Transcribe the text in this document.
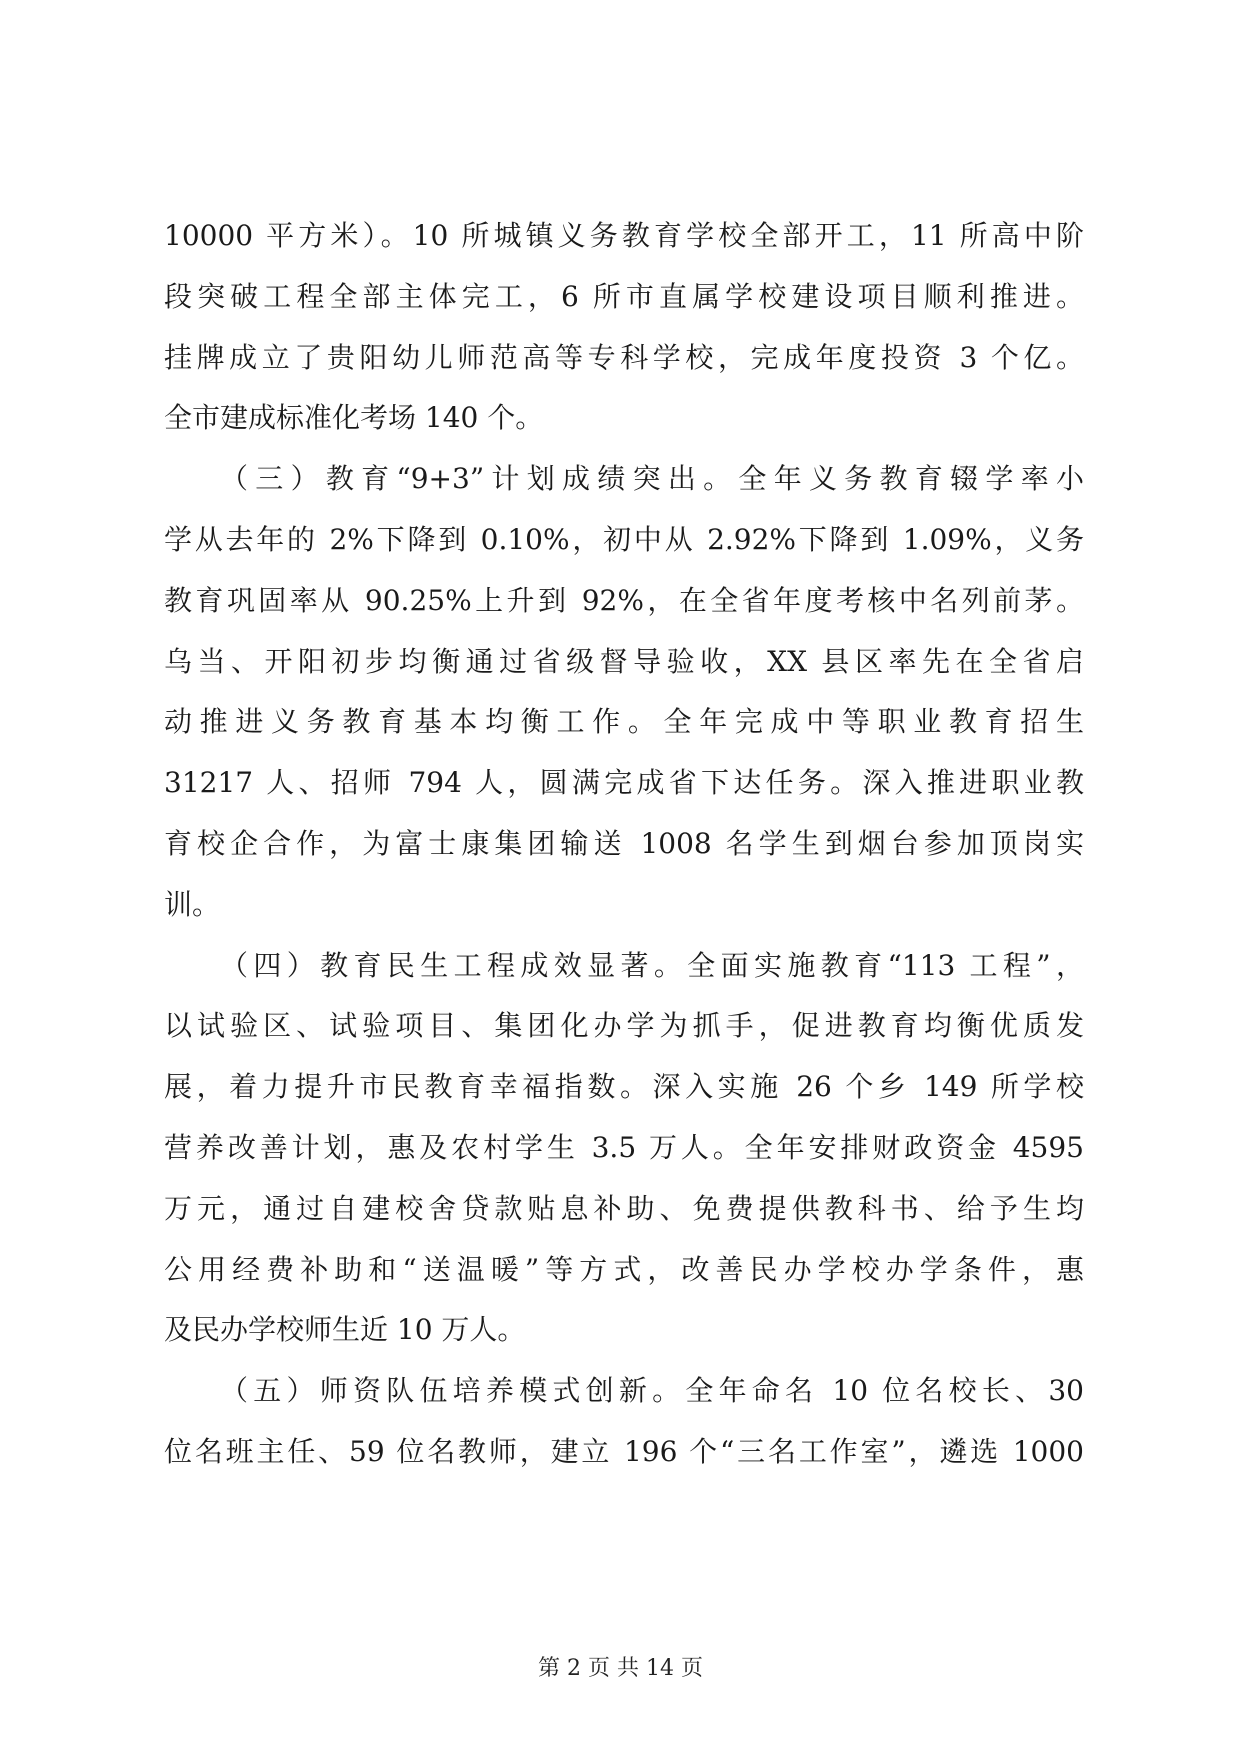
10000 平方米）。10 所城镇义务教育学校全部开工，11 所高中阶
段突破工程全部主体完工，6 所市直属学校建设项目顺利推进。
挂牌成立了贵阳幼儿师范高等专科学校，完成年度投资 3 个亿。
全市建成标准化考场 140 个。
（三）教育“9+3”计划成绩突出。全年义务教育辍学率小
学从去年的 2%下降到 0.10%，初中从 2.92%下降到 1.09%，义务
教育巩固率从 90.25%上升到 92%，在全省年度考核中名列前茅。
乌当、开阳初步均衡通过省级督导验收，XX 县区率先在全省启
动推进义务教育基本均衡工作。全年完成中等职业教育招生
31217 人、招师 794 人，圆满完成省下达任务。深入推进职业教
育校企合作，为富士康集团输送 1008 名学生到烟台参加顶岗实
训。
（四）教育民生工程成效显著。全面实施教育“113 工程”，
以试验区、试验项目、集团化办学为抓手，促进教育均衡优质发
展，着力提升市民教育幸福指数。深入实施 26 个乡 149 所学校
营养改善计划，惠及农村学生 3.5 万人。全年安排财政资金 4595
万元，通过自建校舍贷款贴息补助、免费提供教科书、给予生均
公用经费补助和“送温暖”等方式，改善民办学校办学条件，惠
及民办学校师生近 10 万人。
（五）师资队伍培养模式创新。全年命名 10 位名校长、30
位名班主任、59 位名教师，建立 196 个“三名工作室”，遴选 1000
第 2 页 共 14 页
